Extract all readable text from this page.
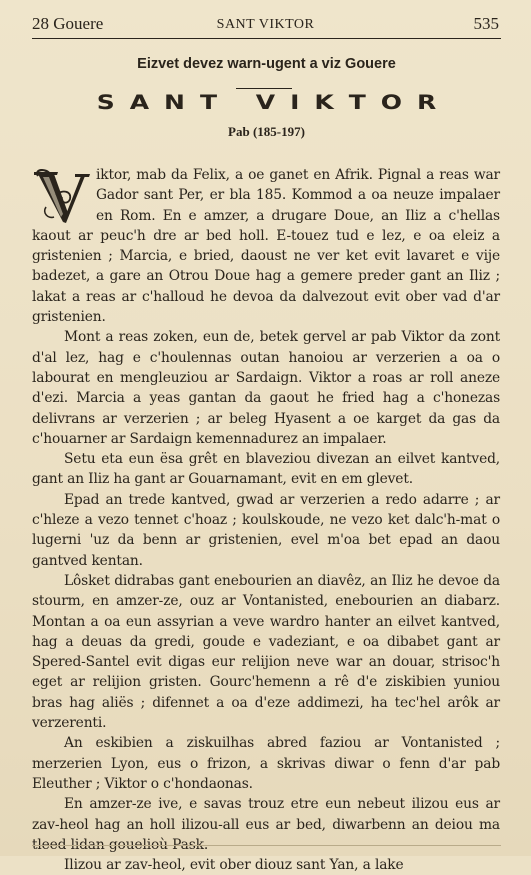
28 Gouere	SANT VIKTOR	535
Eizvet devez warn-ugent a viz Gouere
SANT VIKTOR
Pab (185-197)

iktor, mab da Felix, a oe ganet en Afrik. Pignal a reas war Gador sant Per, er bla 185. Kommod a oa neuze impalaer en Rom. En e amzer, a drugare Doue, an Iliz a c'hellas kaout ar peuc'h dre ar bed holl. E-touez tud e lez, e oa eleiz a gristenien ; Marcia, e bried, daoust ne ver ket evit lavaret e vije badezet, a gare an Otrou Doue hag a gemere preder gant an Iliz ; lakat a reas ar c'halloud he devoa da dalvezout evit ober vad d'ar gristenien.

Mont a reas zoken, eun de, betek gervel ar pab Viktor da zont d'al lez, hag e c'houlennas outan hanoiou ar verzerien a oa o labourat en mengleuziou ar Sardaign. Viktor a roas ar roll aneze d'ezi. Marcia a yeas gantan da gaout he fried hag a c'honezas delivrans ar verzerien ; ar beleg Hyasent a oe karget da gas da c'houarner ar Sardaign kemennadurez an impalaer.

Setu eta eun ësa grêt en blaveziou divezan an eilvet kantved, gant an Iliz ha gant ar Gouarnamant, evit en em glevet.

Epad an trede kantved, gwad ar verzerien a redo adarre ; ar c'hleze a vezo tennet c'hoaz ; koulskoude, ne vezo ket dalc'h-mat o lugerni 'uz da benn ar gristenien, evel m'oa bet epad an daou gantved kentan.

Lôsket didrabas gant enebourien an diavêz, an Iliz he devoe da stourm, en amzer-ze, ouz ar Vontanisted, enebourien an diabarz. Montan a oa eun assyrian a veve wardro hanter an eilvet kantved, hag a deuas da gredi, goude e vadeziant, e oa dibabet gant ar Spered-Santel evit digas eur relijion neve war an douar, strisoc'h eget ar relijion gristen. Gourc'hemenn a rê d'e ziskibien yuniou bras hag aliës ; difennet a oa d'eze addimezi, ha tec'hel arôk ar verzerenti.

An eskibien a ziskuilhas abred faziou ar Vontanisted ; merzerien Lyon, eus o frizon, a skrivas diwar o fenn d'ar pab Eleuther ; Viktor o c'hondaonas.

En amzer-ze ive, e savas trouz etre eun nebeut ilizou eus ar zav-heol hag an holl ilizou-all eus ar bed, diwarbenn an deiou ma tleed lidan gouelioù Pask.

Ilizou ar zav-heol, evit ober diouz sant Yan, a lake
